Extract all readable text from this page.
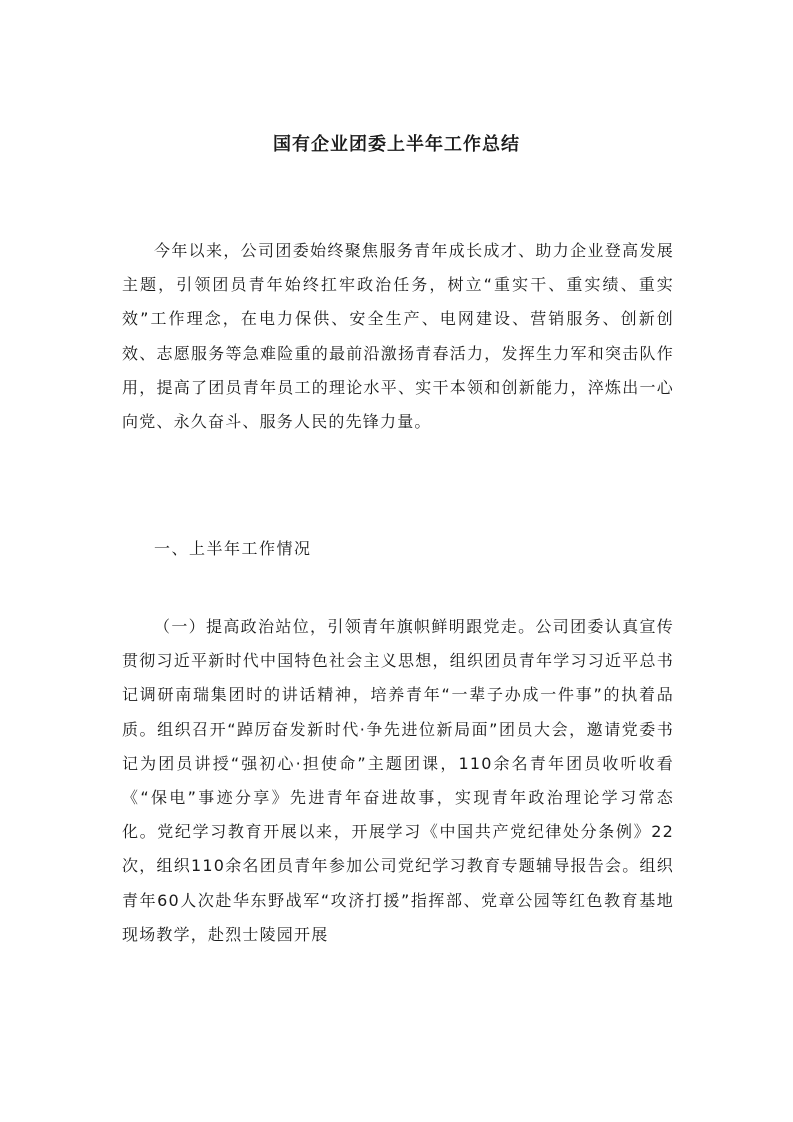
国有企业团委上半年工作总结

今年以来，公司团委始终聚焦服务青年成长成才、助力企业登高发展主题，引领团员青年始终扛牢政治任务，树立“重实干、重实绩、重实效”工作理念，在电力保供、安全生产、电网建设、营销服务、创新创效、志愿服务等急难险重的最前沿激扬青春活力，发挥生力军和突击队作用，提高了团员青年员工的理论水平、实干本领和创新能力，淬炼出一心向党、永久奋斗、服务人民的先锋力量。

一、上半年工作情况

（一）提高政治站位，引领青年旗帜鲜明跟党走。公司团委认真宣传贯彻习近平新时代中国特色社会主义思想，组织团员青年学习习近平总书记调研南瑞集团时的讲话精神，培养青年“一辈子办成一件事”的执着品质。组织召开“踔厉奋发新时代·争先进位新局面”团员大会，邀请党委书记为团员讲授“强初心·担使命”主题团课，110余名青年团员收听收看《“保电”事迹分享》先进青年奋进故事，实现青年政治理论学习常态化。党纪学习教育开展以来，开展学习《中国共产党纪律处分条例》22次，组织110余名团员青年参加公司党纪学习教育专题辅导报告会。组织青年60人次赴华东野战军“攻济打援”指挥部、党章公园等红色教育基地现场教学，赴烈士陵园开展
